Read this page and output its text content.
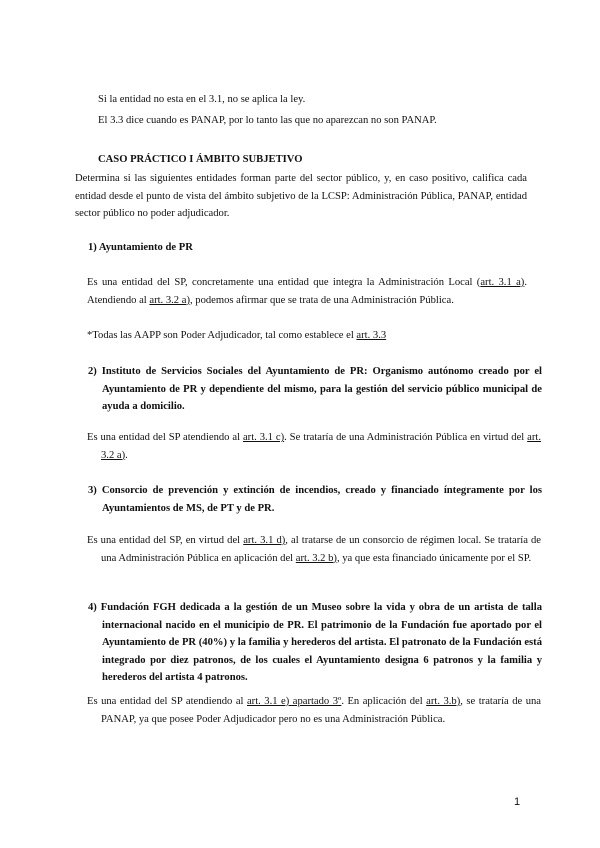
Si la entidad no esta en el 3.1, no se aplica la ley.
El 3.3 dice cuando es PANAP, por lo tanto las que no aparezcan no son PANAP.
CASO PRÁCTICO I ÁMBITO SUBJETIVO
Determina si las siguientes entidades forman parte del sector público, y, en caso positivo, califica cada entidad desde el punto de vista del ámbito subjetivo de la LCSP: Administración Pública, PANAP, entidad sector público no poder adjudicador.
1) Ayuntamiento de PR
Es una entidad del SP, concretamente una entidad que integra la Administración Local (art. 3.1 a). Atendiendo al art. 3.2 a), podemos afirmar que se trata de una Administración Pública.
*Todas las AAPP son Poder Adjudicador, tal como establece el art. 3.3
2) Instituto de Servicios Sociales del Ayuntamiento de PR: Organismo autónomo creado por el Ayuntamiento de PR y dependiente del mismo, para la gestión del servicio público municipal de ayuda a domicilio.
Es una entidad del SP atendiendo al art. 3.1 c). Se trataría de una Administración Pública en virtud del art. 3.2 a).
3) Consorcio de prevención y extinción de incendios, creado y financiado íntegramente por los Ayuntamientos de MS, de PT y de PR.
Es una entidad del SP, en virtud del art. 3.1 d), al tratarse de un consorcio de régimen local. Se trataría de una Administración Pública en aplicación del art. 3.2 b), ya que esta financiado únicamente por el SP.
4) Fundación FGH dedicada a la gestión de un Museo sobre la vida y obra de un artista de talla internacional nacido en el municipio de PR. El patrimonio de la Fundación fue aportado por el Ayuntamiento de PR (40%) y la familia y herederos del artista. El patronato de la Fundación está integrado por diez patronos, de los cuales el Ayuntamiento designa 6 patronos y la familia y herederos del artista 4 patronos.
Es una entidad del SP atendiendo al art. 3.1 e) apartado 3º. En aplicación del art. 3.b), se trataría de una PANAP, ya que posee Poder Adjudicador pero no es una Administración Pública.
1
